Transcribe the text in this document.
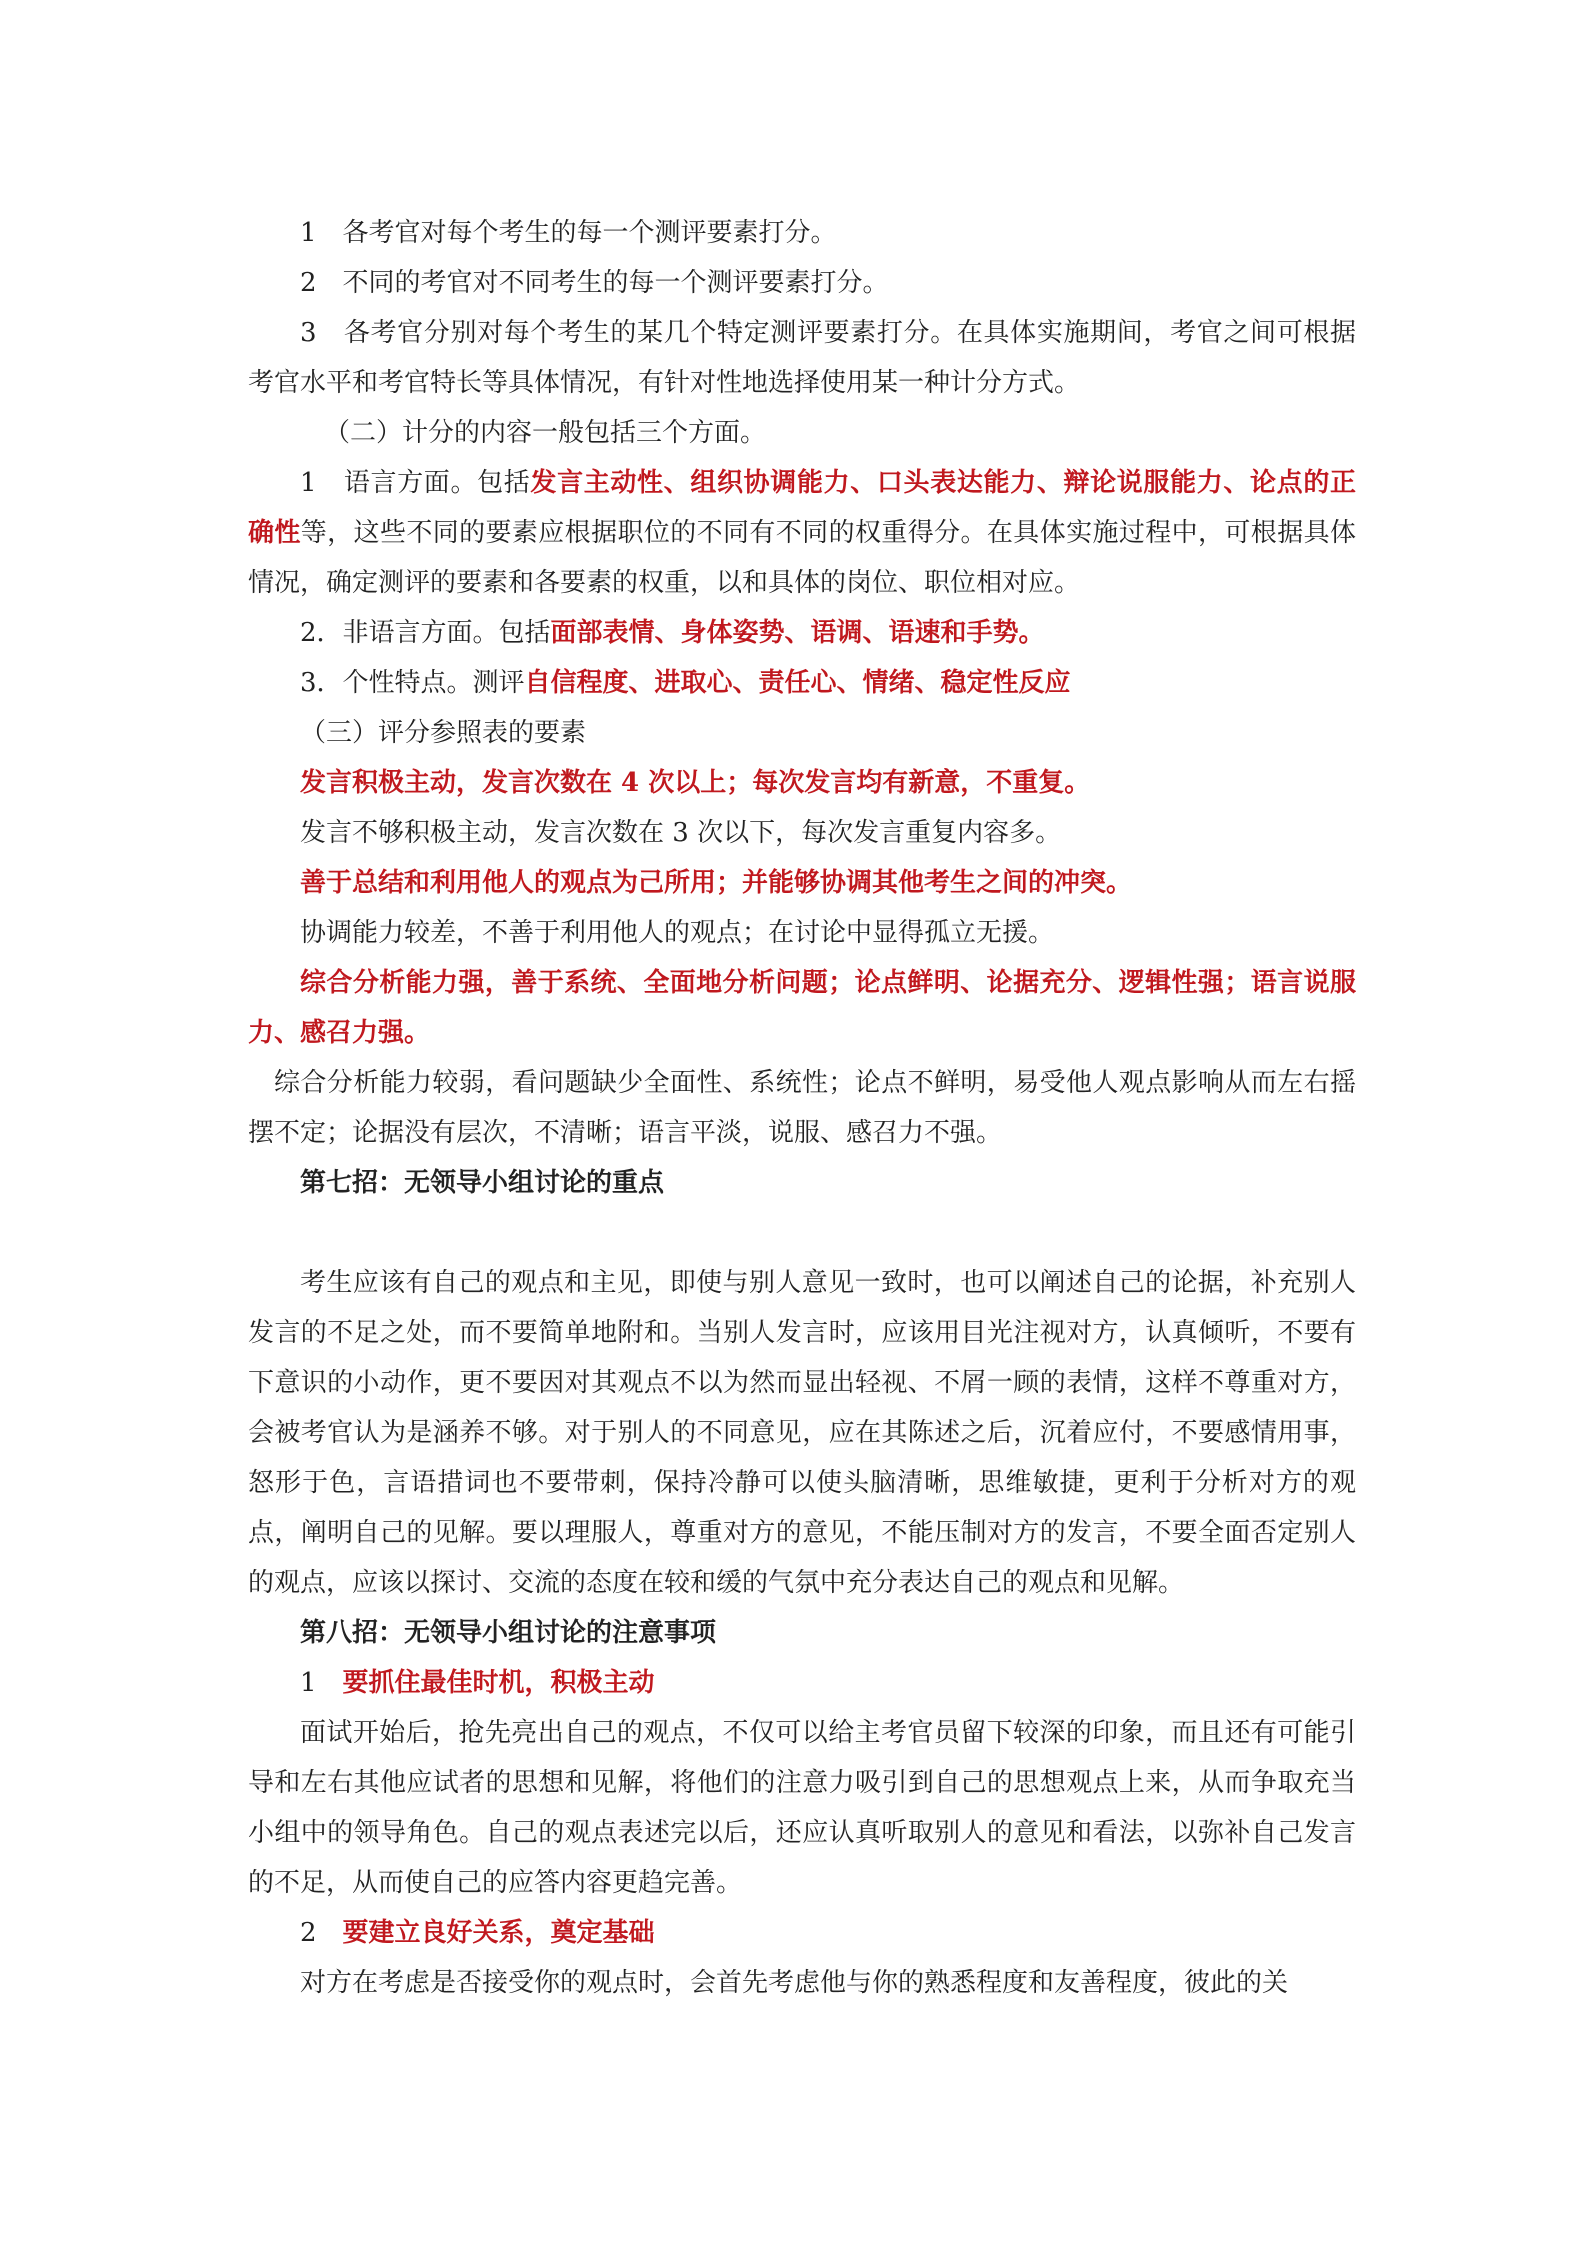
1　各考官对每个考生的每一个测评要素打分。

2　不同的考官对不同考生的每一个测评要素打分。

3　各考官分别对每个考生的某几个特定测评要素打分。在具体实施期间，考官之间可根据考官水平和考官特长等具体情况，有针对性地选择使用某一种计分方式。

（二）计分的内容一般包括三个方面。

1　语言方面。包括发言主动性、组织协调能力、口头表达能力、辩论说服能力、论点的正确性等，这些不同的要素应根据职位的不同有不同的权重得分。在具体实施过程中，可根据具体情况，确定测评的要素和各要素的权重，以和具体的岗位、职位相对应。

2．非语言方面。包括面部表情、身体姿势、语调、语速和手势。

3．个性特点。测评自信程度、进取心、责任心、情绪、稳定性反应

（三）评分参照表的要素

发言积极主动，发言次数在 4 次以上；每次发言均有新意，不重复。

发言不够积极主动，发言次数在 3 次以下，每次发言重复内容多。

善于总结和利用他人的观点为己所用；并能够协调其他考生之间的冲突。

协调能力较差，不善于利用他人的观点；在讨论中显得孤立无援。

综合分析能力强，善于系统、全面地分析问题；论点鲜明、论据充分、逻辑性强；语言说服力、感召力强。

综合分析能力较弱，看问题缺少全面性、系统性；论点不鲜明，易受他人观点影响从而左右摇摆不定；论据没有层次，不清晰；语言平淡，说服、感召力不强。

第七招：无领导小组讨论的重点

考生应该有自己的观点和主见，即使与别人意见一致时，也可以阐述自己的论据，补充别人发言的不足之处，而不要简单地附和。当别人发言时，应该用目光注视对方，认真倾听，不要有下意识的小动作，更不要因对其观点不以为然而显出轻视、不屑一顾的表情，这样不尊重对方，会被考官认为是涵养不够。对于别人的不同意见，应在其陈述之后，沉着应付，不要感情用事，怒形于色，言语措词也不要带刺，保持冷静可以使头脑清晰，思维敏捷，更利于分析对方的观点，阐明自己的见解。要以理服人，尊重对方的意见，不能压制对方的发言，不要全面否定别人的观点，应该以探讨、交流的态度在较和缓的气氛中充分表达自己的观点和见解。

第八招：无领导小组讨论的注意事项

1　要抓住最佳时机，积极主动

面试开始后，抢先亮出自己的观点，不仅可以给主考官员留下较深的印象，而且还有可能引导和左右其他应试者的思想和见解，将他们的注意力吸引到自己的思想观点上来，从而争取充当小组中的领导角色。自己的观点表述完以后，还应认真听取别人的意见和看法，以弥补自己发言的不足，从而使自己的应答内容更趋完善。

2　要建立良好关系，奠定基础

对方在考虑是否接受你的观点时，会首先考虑他与你的熟悉程度和友善程度，彼此的关
